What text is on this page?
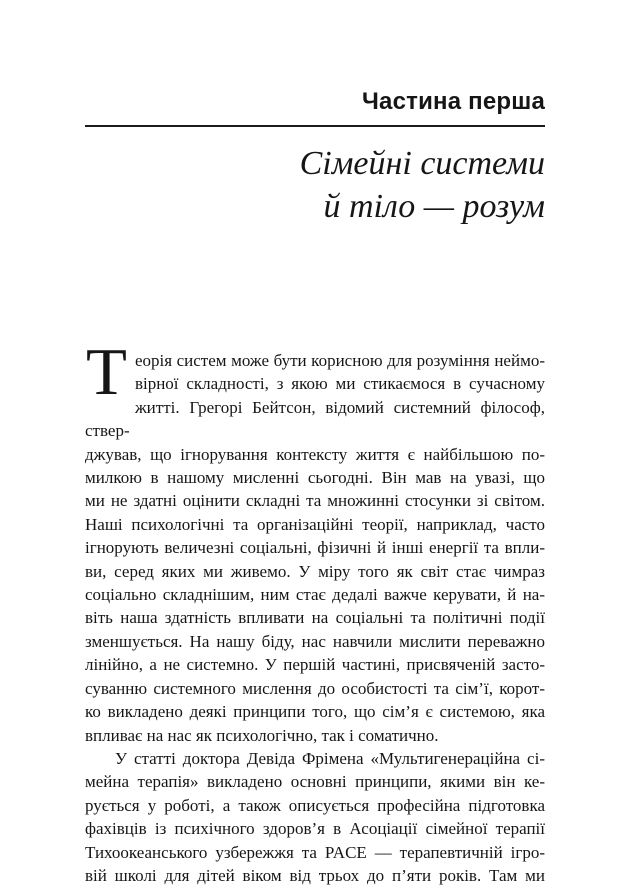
Частина перша
Сімейні системи
й тіло — розум
Т еорія систем може бути корисною для розуміння неймо-
вірної складності, з якою ми стикаємося в сучасному
житті. Грегорі Бейтсон, відомий системний філософ, ствер-
джував, що ігнорування контексту життя є найбільшою по-
милкою в нашому мисленні сьогодні. Він мав на увазі, що
ми не здатні оцінити складні та множинні стосунки зі світом.
Наші психологічні та організаційні теорії, наприклад, часто
ігнорують величезні соціальні, фізичні й інші енергії та впли-
ви, серед яких ми живемо. У міру того як світ стає чимраз
соціально складнішим, ним стає дедалі важче керувати, й на-
віть наша здатність впливати на соціальні та політичні події
зменшується. На нашу біду, нас навчили мислити переважно
лінійно, а не системно. У першій частині, присвяченій засто-
суванню системного мислення до особистості та сім’ї, корот-
ко викладено деякі принципи того, що сім’я є системою, яка
впливає на нас як психологічно, так і соматично.
У статті доктора Девіда Фрімена «Мультигенераційна сі-
мейна терапія» викладено основні принципи, якими він ке-
рується у роботі, а також описується професійна підготовка
фахівців із психічного здоров’я в Асоціації сімейної терапії
Тихоокеанського узбережжя та PACE — терапевтичній ігро-
вій школі для дітей віком від трьох до п’яти років. Там ми
